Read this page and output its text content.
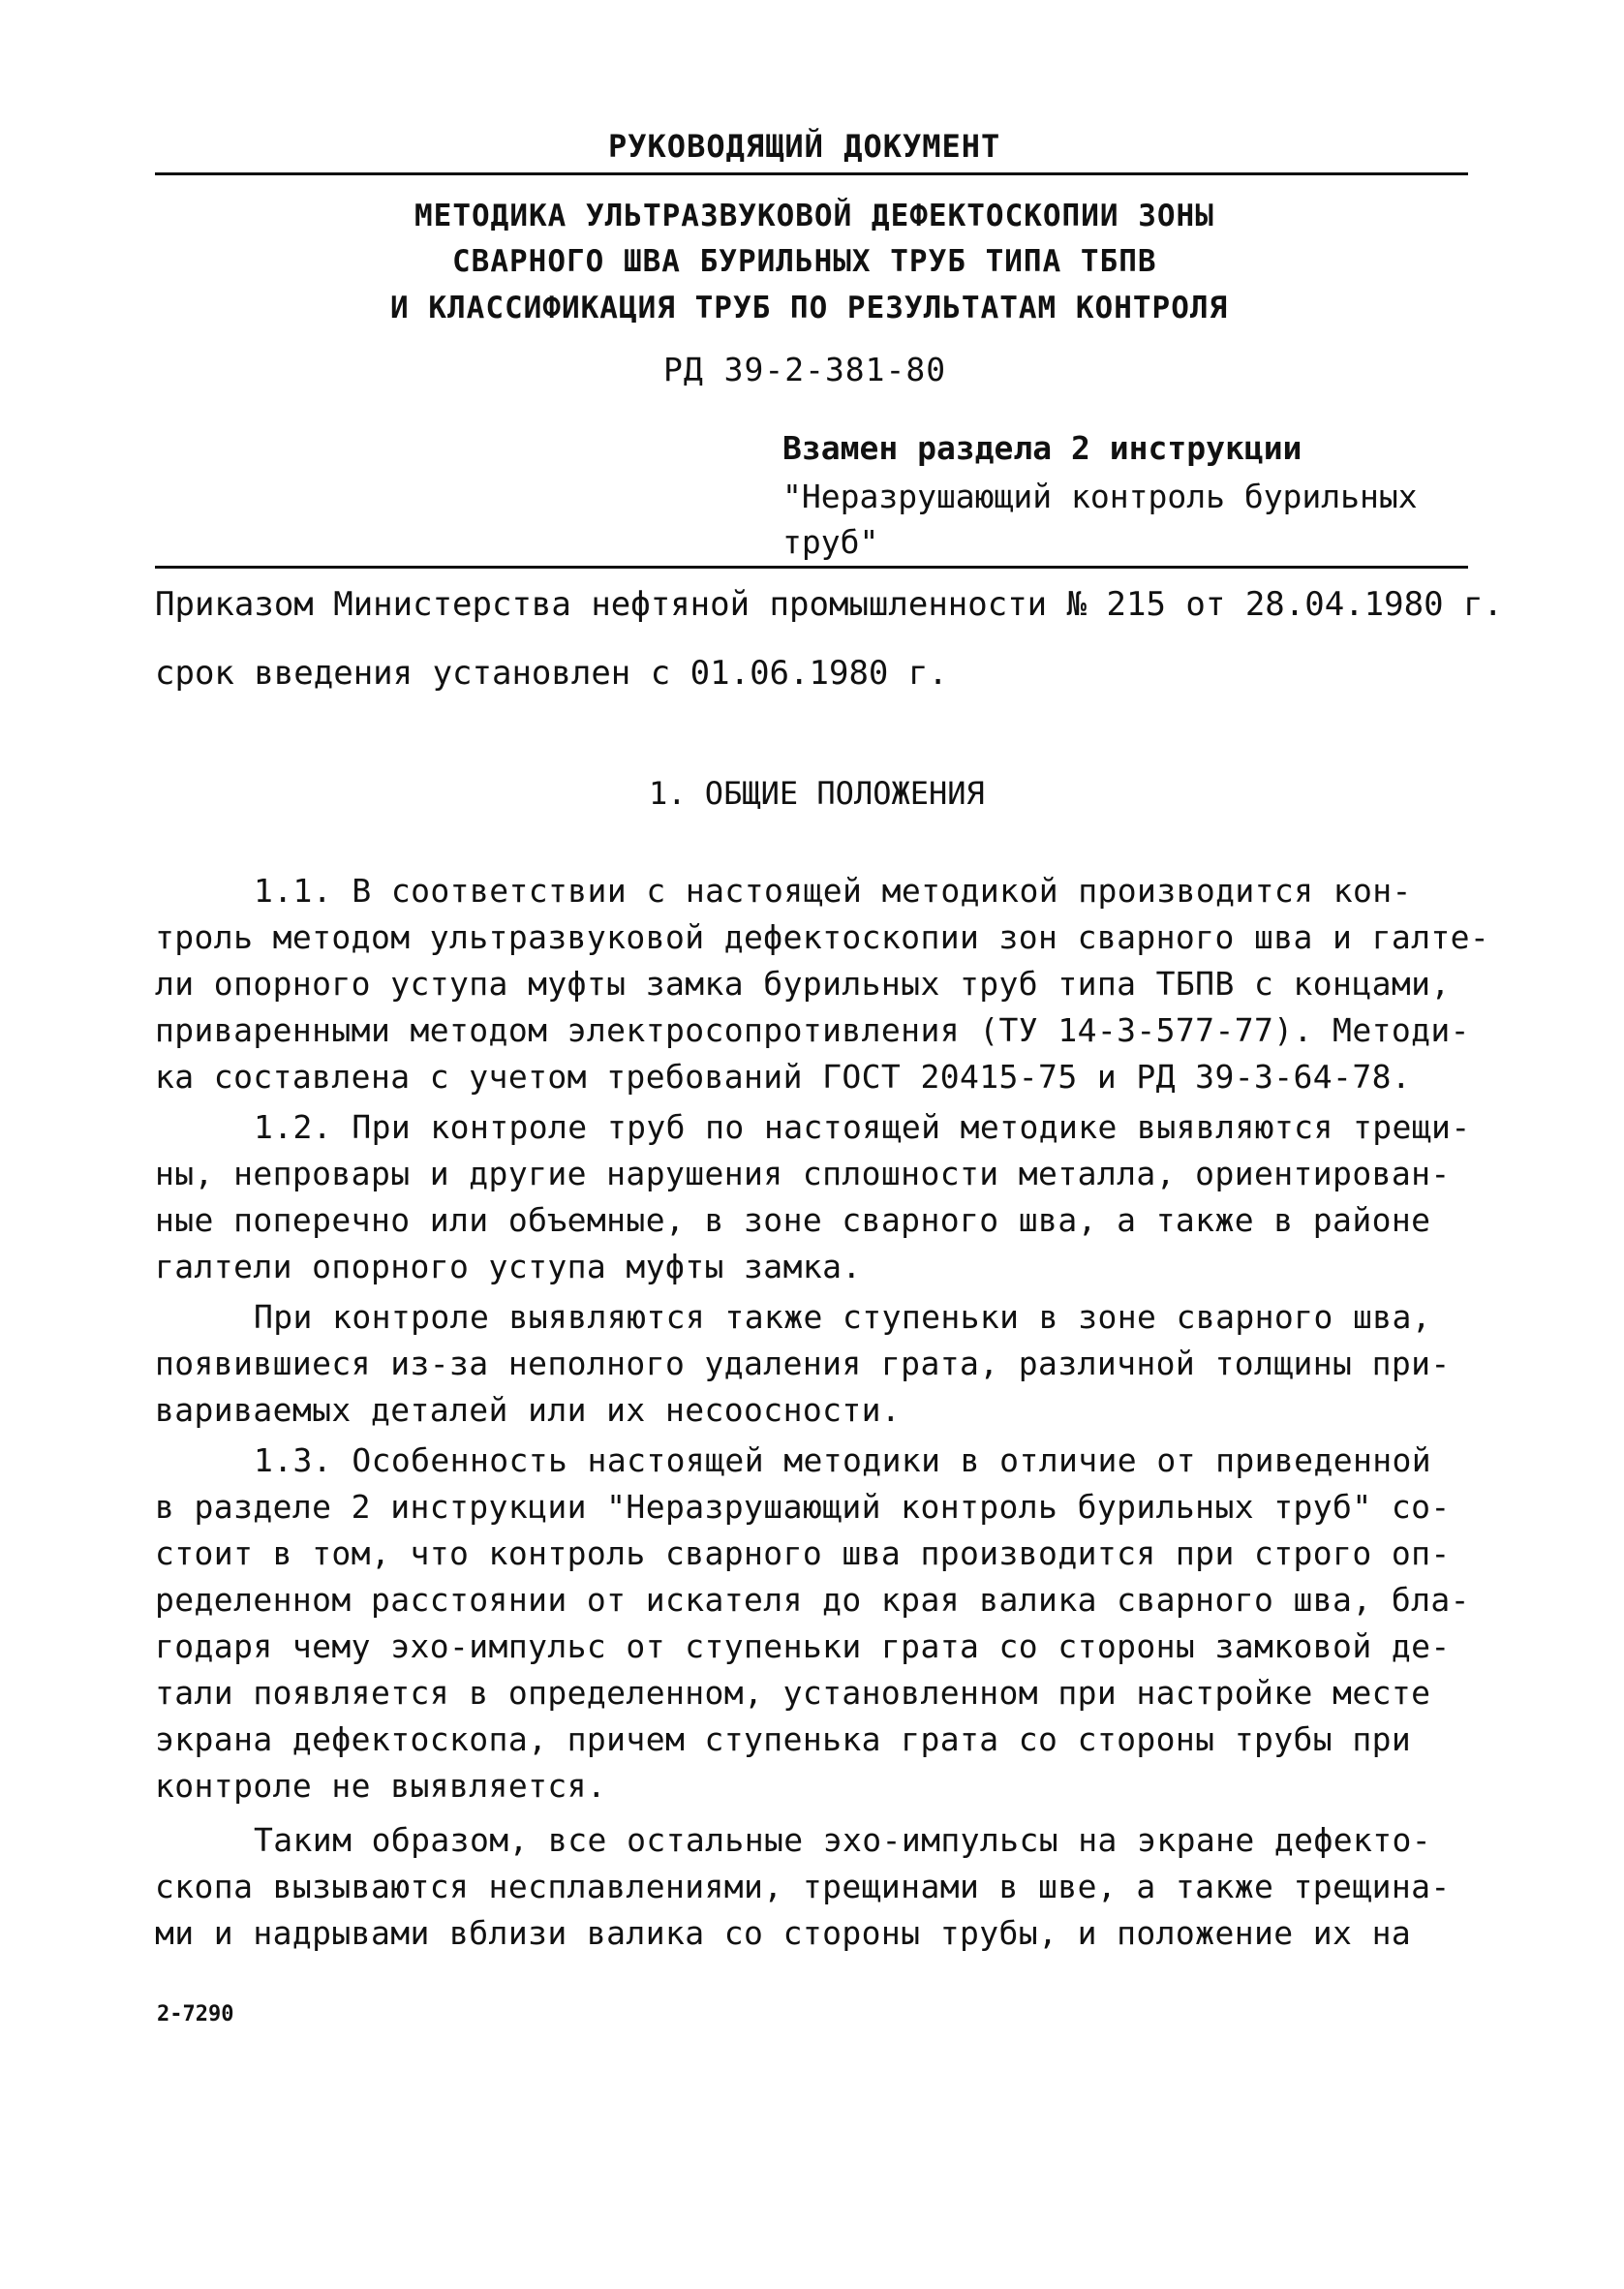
РУКОВОДЯЩИЙ ДОКУМЕНТ
МЕТОДИКА УЛЬТРАЗВУКОВОЙ ДЕФЕКТОСКОПИИ ЗОНЫ
СВАРНОГО ШВА БУРИЛЬНЫХ ТРУБ ТИПА ТБПВ
И КЛАССИФИКАЦИЯ ТРУБ ПО РЕЗУЛЬТАТАМ КОНТРОЛЯ
РД 39-2-381-80
Взамен раздела 2 инструкции
"Неразрушающий контроль бурильных
труб"
Приказом Министерства нефтяной промышленности № 215 от 28.04.1980 г.
срок введения установлен с 01.06.1980 г.
1. ОБЩИЕ ПОЛОЖЕНИЯ
1.1. В соответствии с настоящей методикой производится кон-
троль методом ультразвуковой дефектоскопии зон сварного шва и галте-
ли опорного уступа муфты замка бурильных труб типа ТБПВ с концами,
приваренными методом электросопротивления (ТУ 14-3-577-77). Методи-
ка составлена с учетом требований ГОСТ 20415-75 и РД 39-3-64-78.
1.2. При контроле труб по настоящей методике выявляются трещи-
ны, непровары и другие нарушения сплошности металла, ориентирован-
ные поперечно или объемные, в зоне сварного шва, а также в районе
галтели опорного уступа муфты замка.
При контроле выявляются также ступеньки в зоне сварного шва,
появившиеся из-за неполного удаления грата, различной толщины при-
вариваемых деталей или их несоосности.
1.3. Особенность настоящей методики в отличие от приведенной
в разделе 2 инструкции "Неразрушающий контроль бурильных труб" со-
стоит в том, что контроль сварного шва производится при строго оп-
ределенном расстоянии от искателя до края валика сварного шва, бла-
годаря чему эхо-импульс от ступеньки грата со стороны замковой де-
тали появляется в определенном, установленном при настройке месте
экрана дефектоскопа, причем ступенька грата со стороны трубы при
контроле не выявляется.
Таким образом, все остальные эхо-импульсы на экране дефекто-
скопа вызываются несплавлениями, трещинами в шве, а также трещина-
ми и надрывами вблизи валика со стороны трубы, и положение их на
2-7290
